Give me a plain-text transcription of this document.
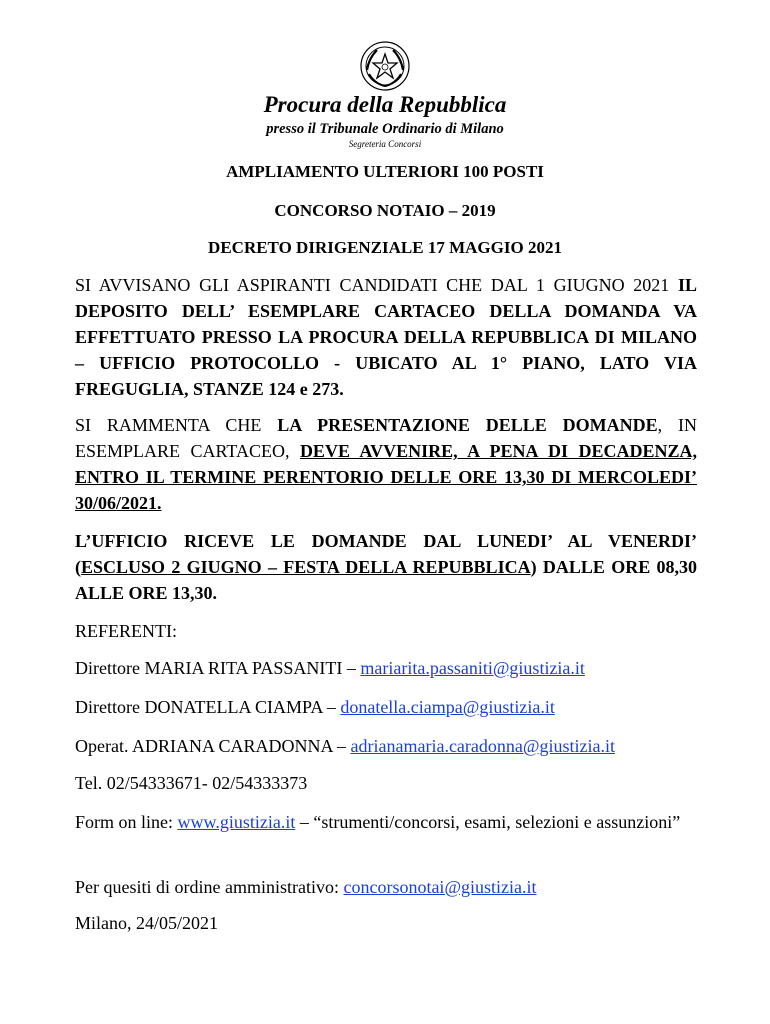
Procura della Repubblica
presso il Tribunale Ordinario di Milano
Segreteria Concorsi
AMPLIAMENTO ULTERIORI 100 POSTI
CONCORSO NOTAIO – 2019
DECRETO DIRIGENZIALE 17 MAGGIO 2021
SI AVVISANO GLI ASPIRANTI CANDIDATI CHE DAL 1 GIUGNO 2021 IL DEPOSITO DELL’ ESEMPLARE CARTACEO DELLA DOMANDA VA EFFETTUATO PRESSO LA PROCURA DELLA REPUBBLICA DI MILANO – UFFICIO PROTOCOLLO - UBICATO AL 1° PIANO, LATO VIA FREGUGLIA, STANZE 124 e 273.
SI RAMMENTA CHE LA PRESENTAZIONE DELLE DOMANDE, IN ESEMPLARE CARTACEO, DEVE AVVENIRE, A PENA DI DECADENZA, ENTRO IL TERMINE PERENTORIO DELLE ORE 13,30 DI MERCOLEDI’ 30/06/2021.
L’UFFICIO RICEVE LE DOMANDE DAL LUNEDI’ AL VENERDI’ (ESCLUSO 2 GIUGNO – FESTA DELLA REPUBBLICA) DALLE ORE 08,30 ALLE ORE 13,30.
REFERENTI:
Direttore MARIA RITA PASSANITI – mariarita.passaniti@giustizia.it
Direttore DONATELLA CIAMPA – donatella.ciampa@giustizia.it
Operat. ADRIANA CARADONNA – adrianamaria.caradonna@giustizia.it
Tel. 02/54333671- 02/54333373
Form on line: www.giustizia.it – “strumenti/concorsi, esami, selezioni e assunzioni”
Per quesiti di ordine amministrativo: concorsonotai@giustizia.it
Milano, 24/05/2021
